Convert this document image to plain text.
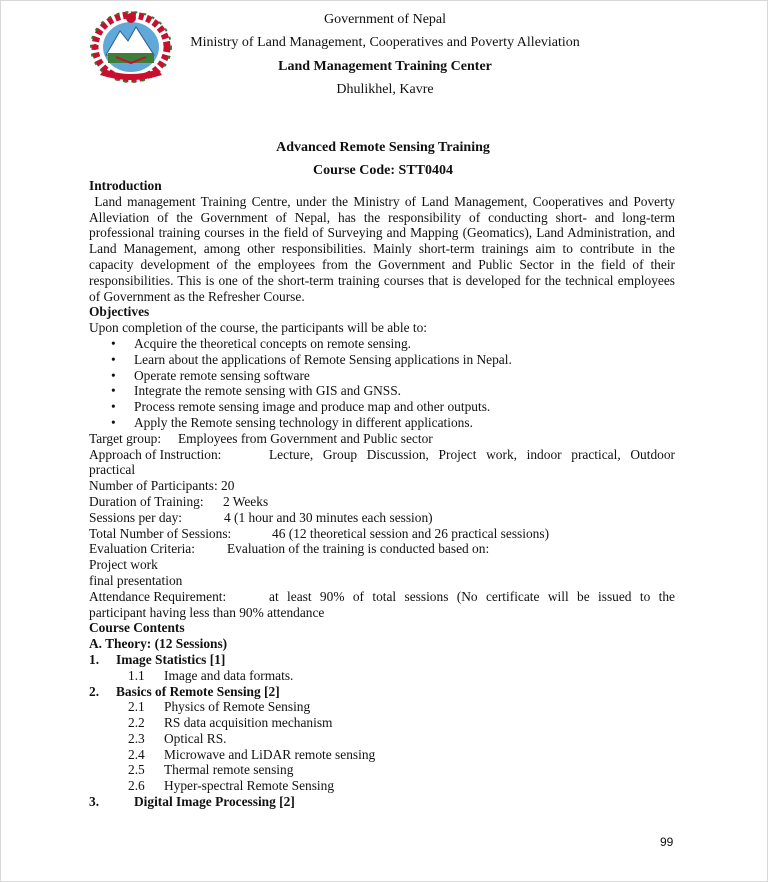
Government of Nepal
Ministry of Land Management, Cooperatives and Poverty Alleviation
Land Management Training Center
Dhulikhel, Kavre
Advanced Remote Sensing Training
Course Code: STT0404
Introduction

Land management Training Centre, under the Ministry of Land Management, Cooperatives and Poverty Alleviation of the Government of Nepal, has the responsibility of conducting short- and long-term professional training courses in the field of Surveying and Mapping (Geomatics), Land Administration, and Land Management, among other responsibilities. Mainly short-term trainings aim to contribute in the capacity development of the employees from the Government and Public Sector in the field of their responsibilities. This is one of the short-term training courses that is developed for the technical employees of Government as the Refresher Course.

Objectives
Upon completion of the course, the participants will be able to:
• Acquire the theoretical concepts on remote sensing.
• Learn about the applications of Remote Sensing applications in Nepal.
• Operate remote sensing software
• Integrate the remote sensing with GIS and GNSS.
• Process remote sensing image and produce map and other outputs.
• Apply the Remote sensing technology in different applications.
Target group: Employees from Government and Public sector
Approach of Instruction:	Lecture, Group Discussion, Project work, indoor practical, Outdoor
practical
Number of Participants: 20
Duration of Training: 2 Weeks
Sessions per day:	4 (1 hour and 30 minutes each session)
Total Number of Sessions:	46 (12 theoretical session and 26 practical sessions)
Evaluation Criteria: Evaluation of the training is conducted based on:
Project work
final presentation
Attendance Requirement:	at least 90% of total sessions (No certificate will be issued to the
participant having less than 90% attendance
Course Contents
A. Theory: (12 Sessions)
1.	Image Statistics [1]
1.1	Image and data formats.
2.	Basics of Remote Sensing [2]
2.1	Physics of Remote Sensing
2.2	RS data acquisition mechanism
2.3	Optical RS.
2.4	Microwave and LiDAR remote sensing
2.5	Thermal remote sensing
2.6	Hyper-spectral Remote Sensing
3.	Digital Image Processing [2]
99
